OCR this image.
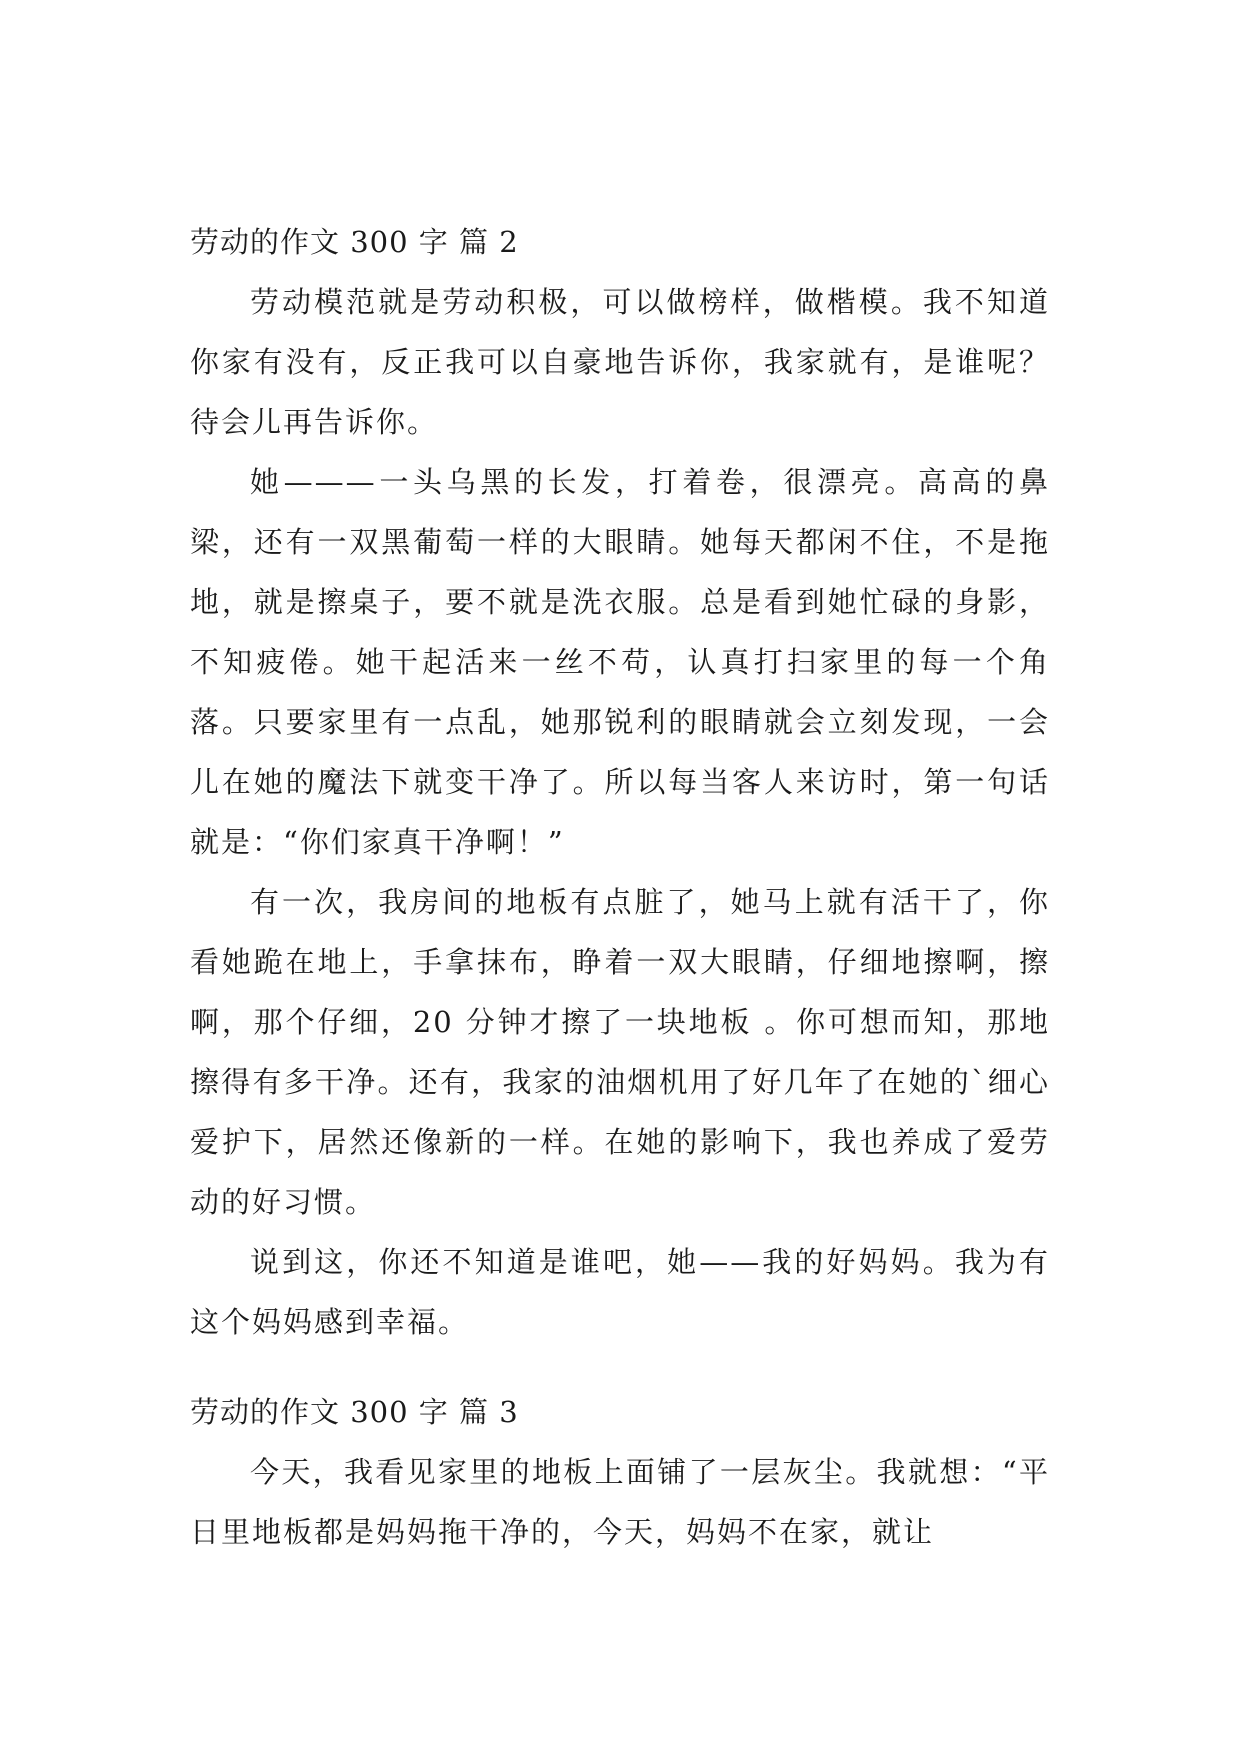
劳动的作文 300 字 篇 2

劳动模范就是劳动积极，可以做榜样，做楷模。我不知道你家有没有，反正我可以自豪地告诉你，我家就有，是谁呢？待会儿再告诉你。

她———一头乌黑的长发，打着卷，很漂亮。高高的鼻梁，还有一双黑葡萄一样的大眼睛。她每天都闲不住，不是拖地，就是擦桌子，要不就是洗衣服。总是看到她忙碌的身影，不知疲倦。她干起活来一丝不苟，认真打扫家里的每一个角落。只要家里有一点乱，她那锐利的眼睛就会立刻发现，一会儿在她的魔法下就变干净了。所以每当客人来访时，第一句话就是：“你们家真干净啊！”

有一次，我房间的地板有点脏了，她马上就有活干了，你看她跪在地上，手拿抹布，睁着一双大眼睛，仔细地擦啊，擦啊，那个仔细，20 分钟才擦了一块地板 。你可想而知，那地擦得有多干净。还有，我家的油烟机用了好几年了在她的`细心爱护下，居然还像新的一样。在她的影响下，我也养成了爱劳动的好习惯。

说到这，你还不知道是谁吧，她——我的好妈妈。我为有这个妈妈感到幸福。

劳动的作文 300 字 篇 3

今天，我看见家里的地板上面铺了一层灰尘。我就想：“平日里地板都是妈妈拖干净的，今天，妈妈不在家，就让
